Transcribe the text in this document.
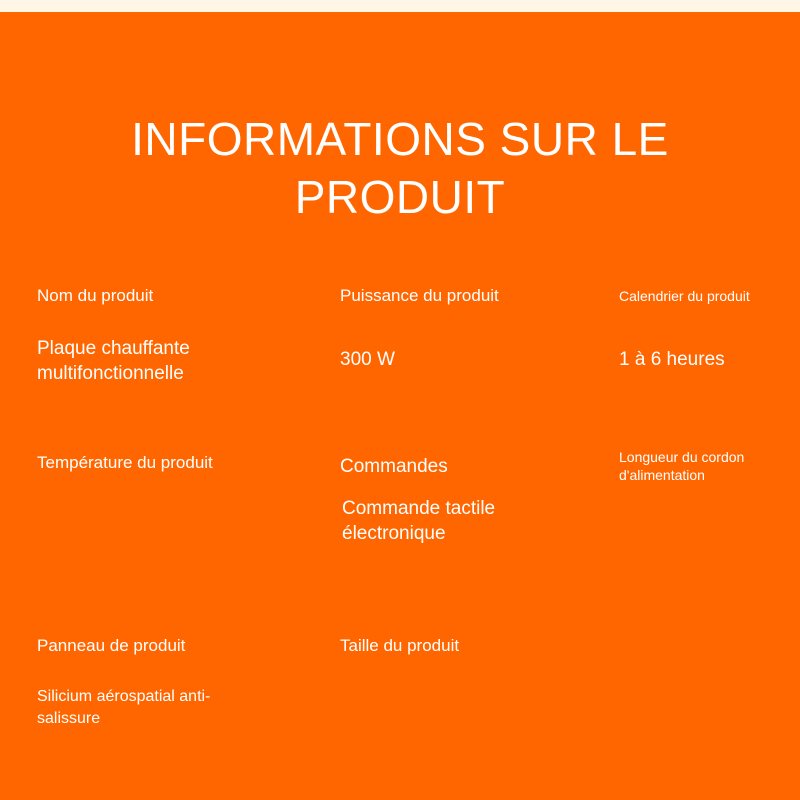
INFORMATIONS SUR LE
PRODUIT

Nom du produit

Plaque chauffante

multifonctionnelle

Puissance du produit

300 W

Calendrier du produit

1 à 6 heures

Température du produit	Commandes

Commande tactile

électronique

Longueur du cordon

d'alimentation

Panneau de produit

Silicium aérospatial anti-

salissure

Taille du produit
